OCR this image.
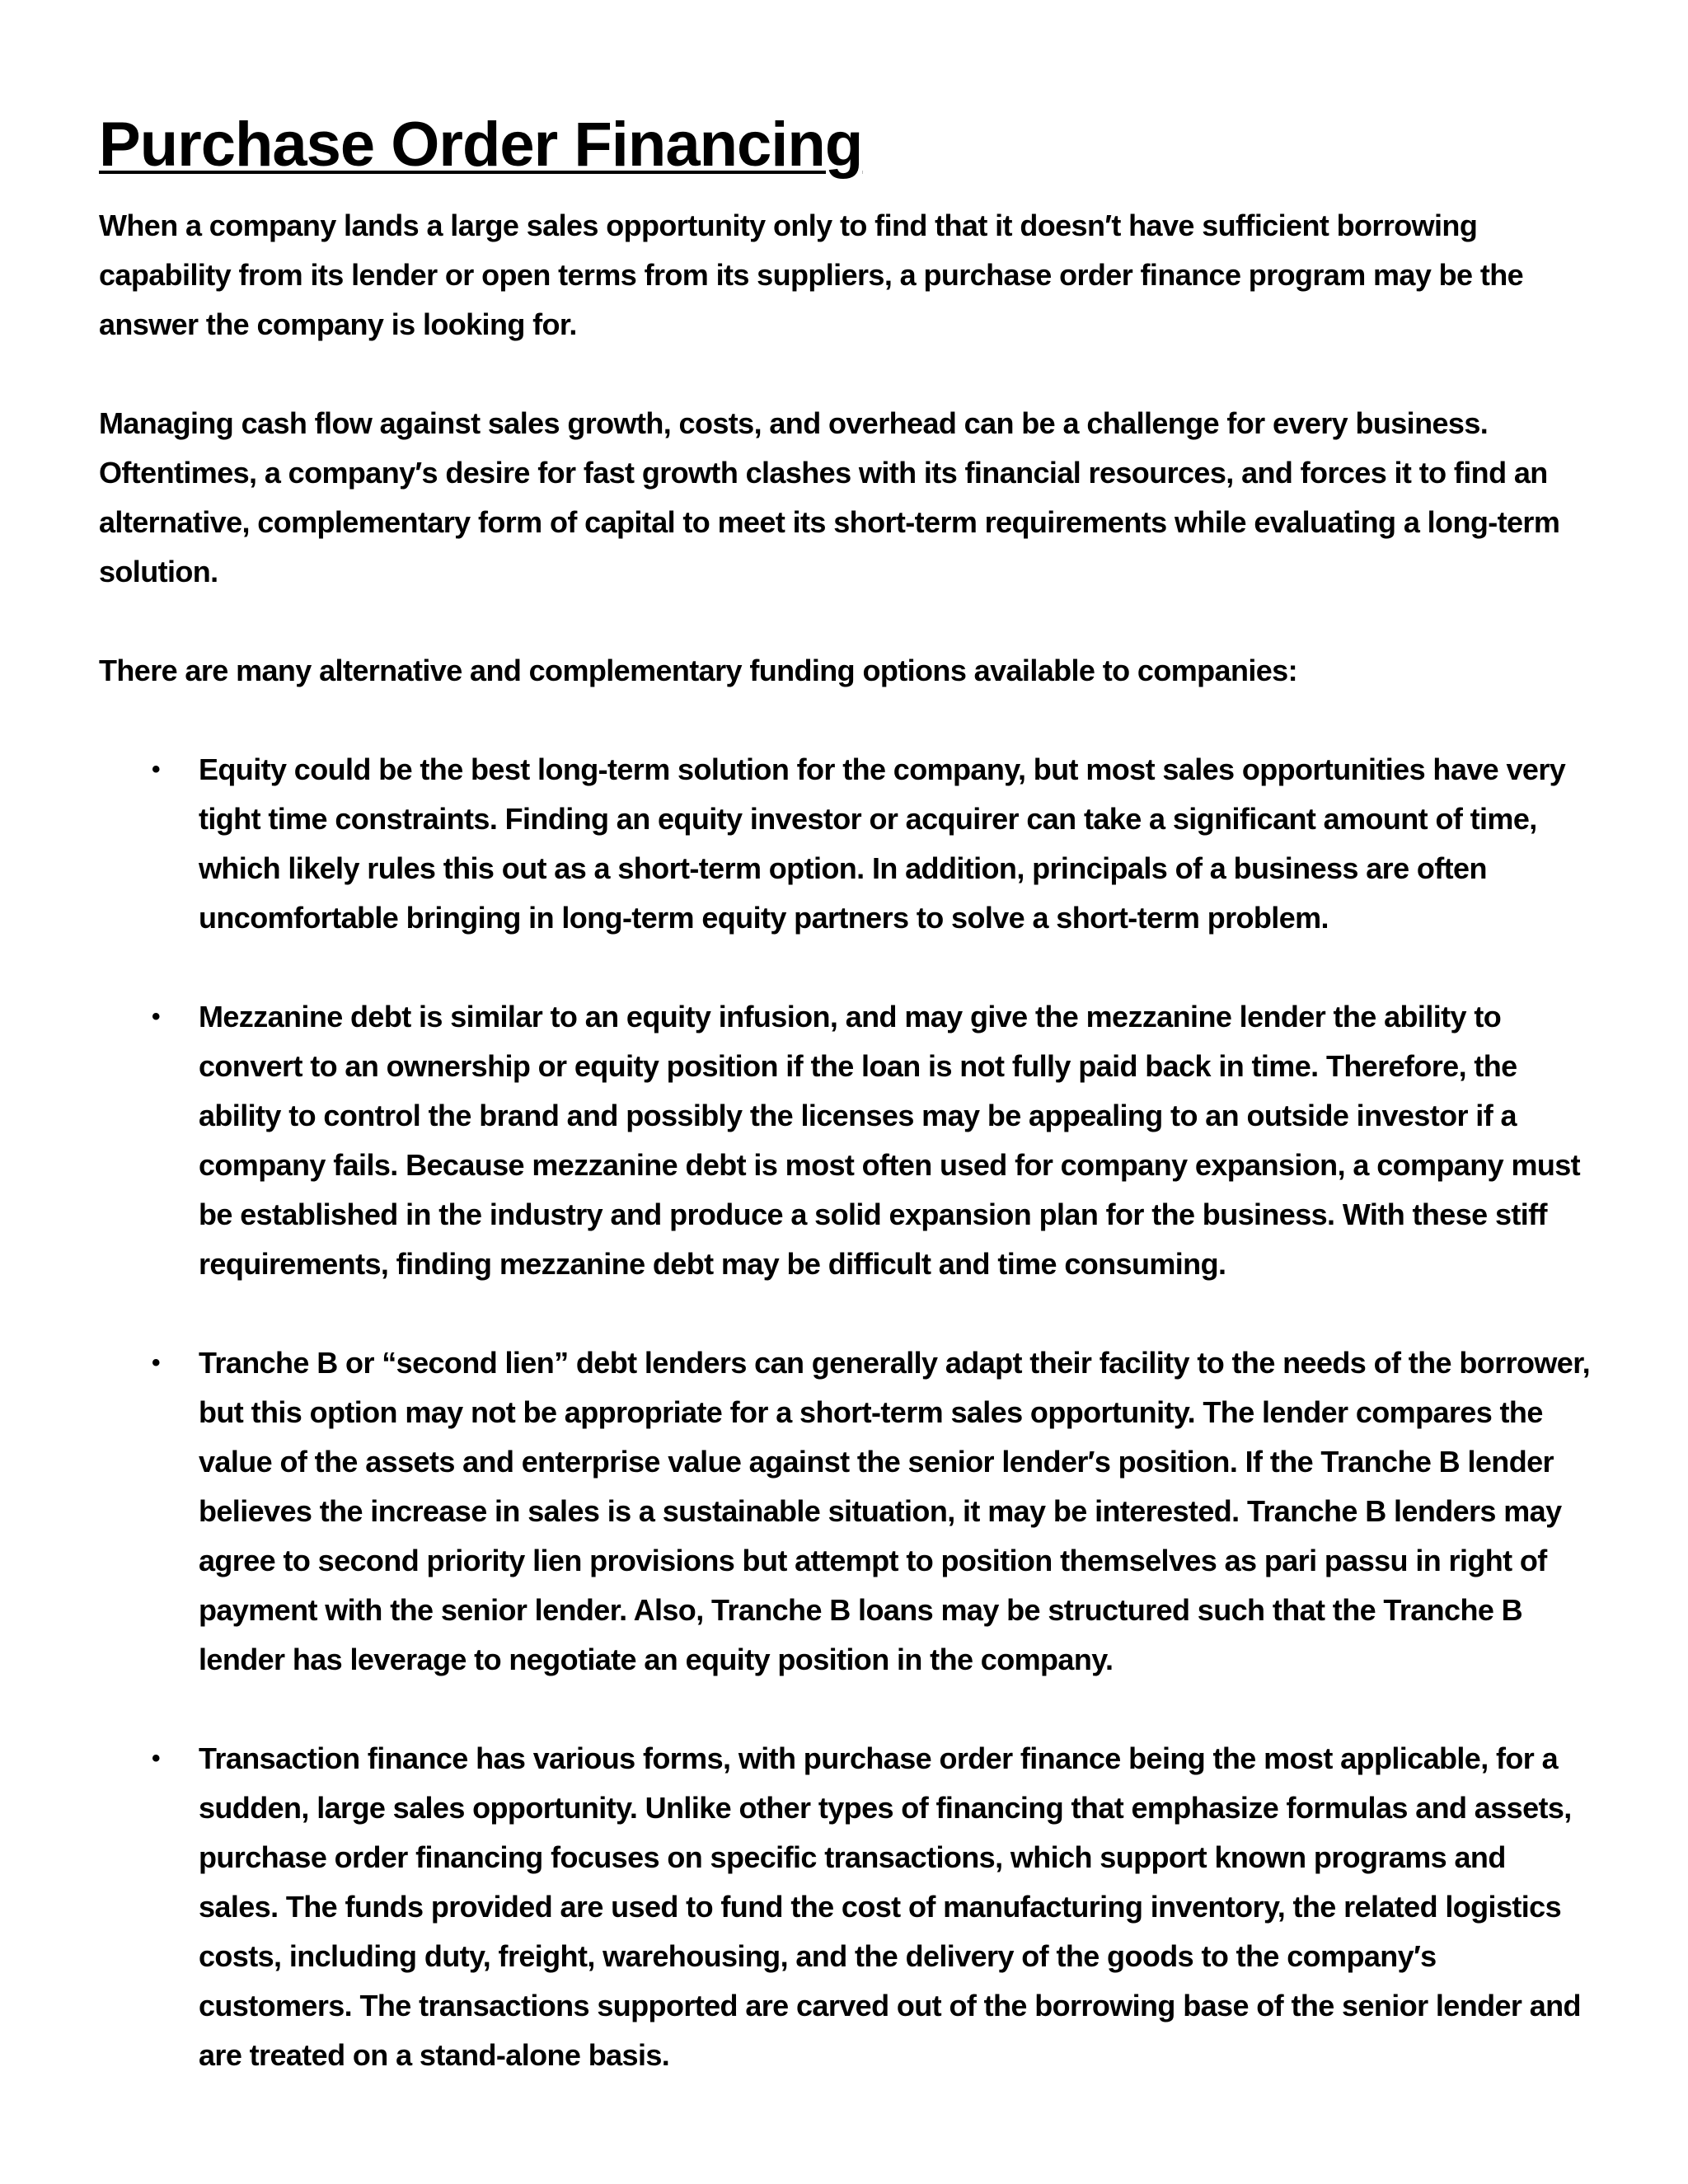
Purchase Order Financing

When a company lands a large sales opportunity only to find that it doesn′t have sufficient borrowing capability from its lender or open terms from its suppliers, a purchase order finance program may be the answer the company is looking for.

Managing cash flow against sales growth, costs, and overhead can be a challenge for every business. Oftentimes, a company′s desire for fast growth clashes with its financial resources, and forces it to find an alternative, complementary form of capital to meet its short-term requirements while evaluating a long-term solution.

There are many alternative and complementary funding options available to companies:

• Equity could be the best long-term solution for the company, but most sales opportunities have very tight time constraints. Finding an equity investor or acquirer can take a significant amount of time, which likely rules this out as a short-term option. In addition, principals of a business are often uncomfortable bringing in long-term equity partners to solve a short-term problem.
• Mezzanine debt is similar to an equity infusion, and may give the mezzanine lender the ability to convert to an ownership or equity position if the loan is not fully paid back in time. Therefore, the ability to control the brand and possibly the licenses may be appealing to an outside investor if a company fails. Because mezzanine debt is most often used for company expansion, a company must be established in the industry and produce a solid expansion plan for the business. With these stiff requirements, finding mezzanine debt may be difficult and time consuming.
• Tranche B or “second lien” debt lenders can generally adapt their facility to the needs of the borrower, but this option may not be appropriate for a short-term sales opportunity. The lender compares the value of the assets and enterprise value against the senior lender′s position. If the Tranche B lender believes the increase in sales is a sustainable situation, it may be interested. Tranche B lenders may agree to second priority lien provisions but attempt to position themselves as pari passu in right of payment with the senior lender. Also, Tranche B loans may be structured such that the Tranche B lender has leverage to negotiate an equity position in the company.
• Transaction finance has various forms, with purchase order finance being the most applicable, for a sudden, large sales opportunity. Unlike other types of financing that emphasize formulas and assets, purchase order financing focuses on specific transactions, which support known programs and sales. The funds provided are used to fund the cost of manufacturing inventory, the related logistics costs, including duty, freight, warehousing, and the delivery of the goods to the company′s customers. The transactions supported are carved out of the borrowing base of the senior lender and are treated on a stand-alone basis.
